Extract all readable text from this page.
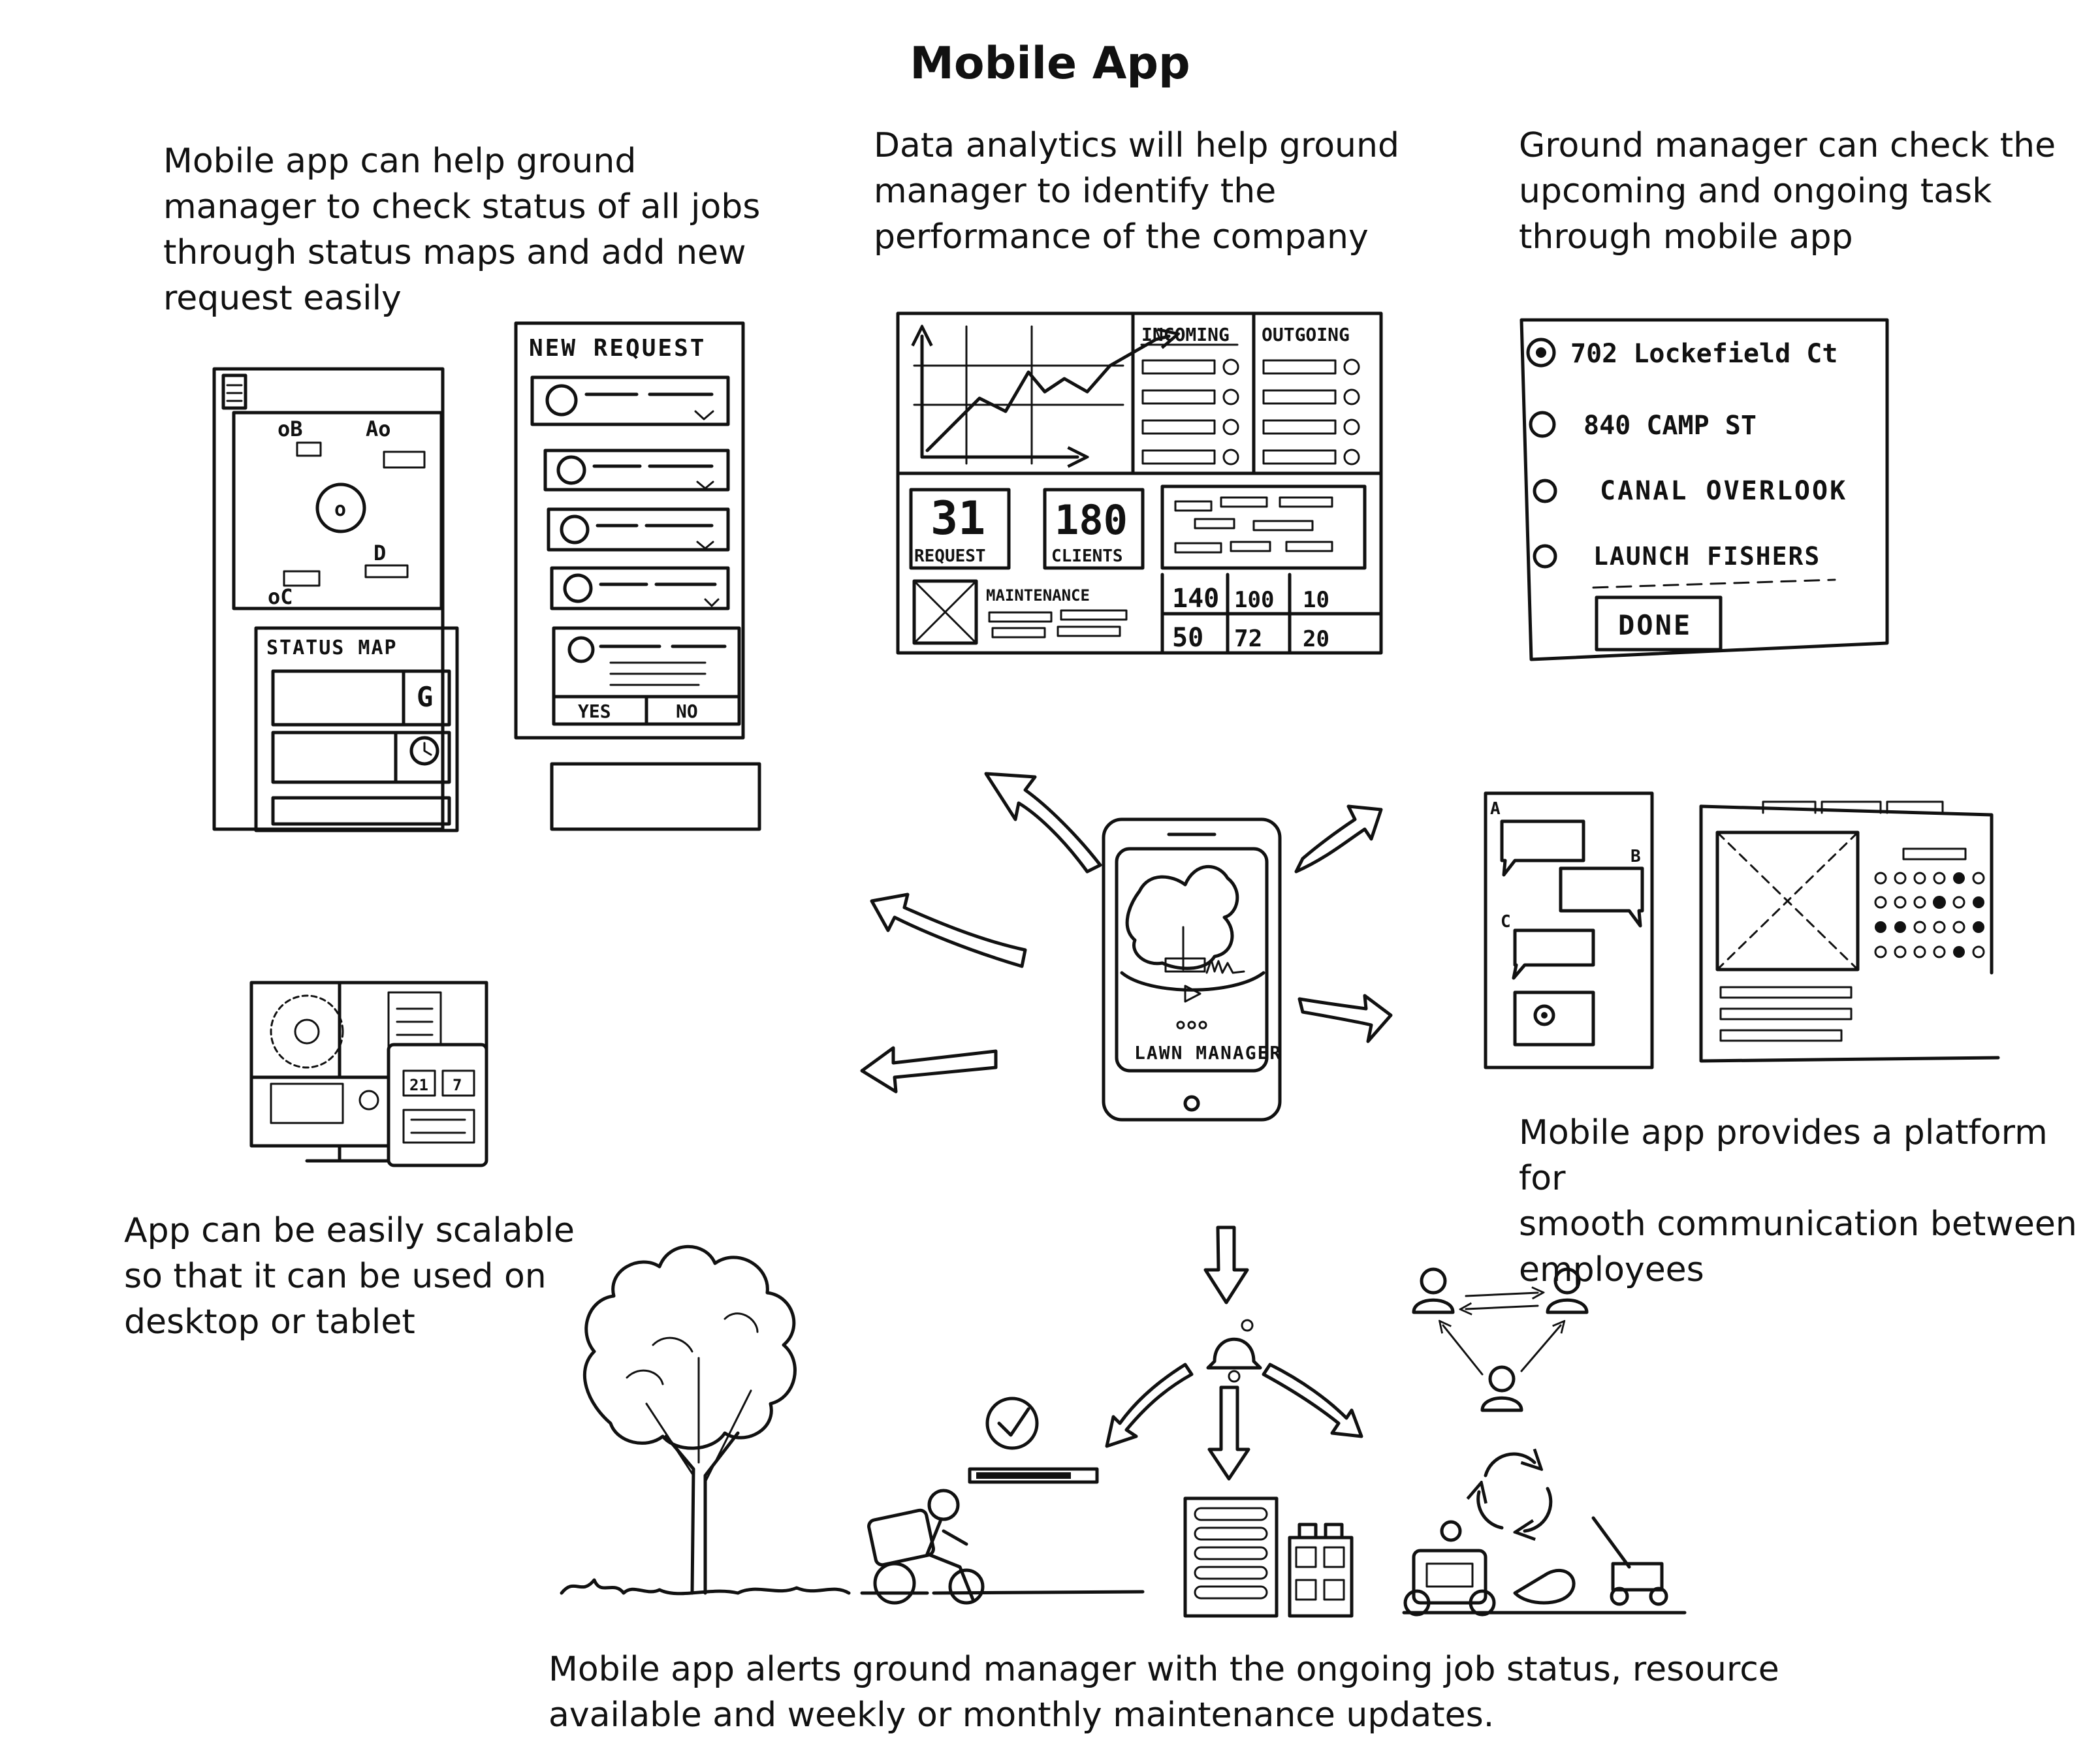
Mobile App
Mobile app can help ground
manager to check status of all jobs
through status maps and add new
request easily
Data analytics will help ground
manager to identify the
performance of the company
Ground manager can check the
upcoming and ongoing task
through mobile app
App can be easily scalable
so that it can be used on
desktop or tablet
Mobile app provides a platform for
smooth communication between
employees
Mobile app alerts ground manager with the ongoing job status, resource
available and weekly or monthly maintenance updates.
oB	Ao
o
D
oC
STATUS MAP
G
NEW REQUEST
YES	NO
INCOMING OUTGOING
31
REQUEST
180
CLIENTS
MAINTENANCE	140 100 10
50 72 20
702 Lockefield Ct
840 CAMP ST
CANAL OVERLOOK
LAUNCH FISHERS
DONE
LAWN MANAGER
21 7
A
B
C
